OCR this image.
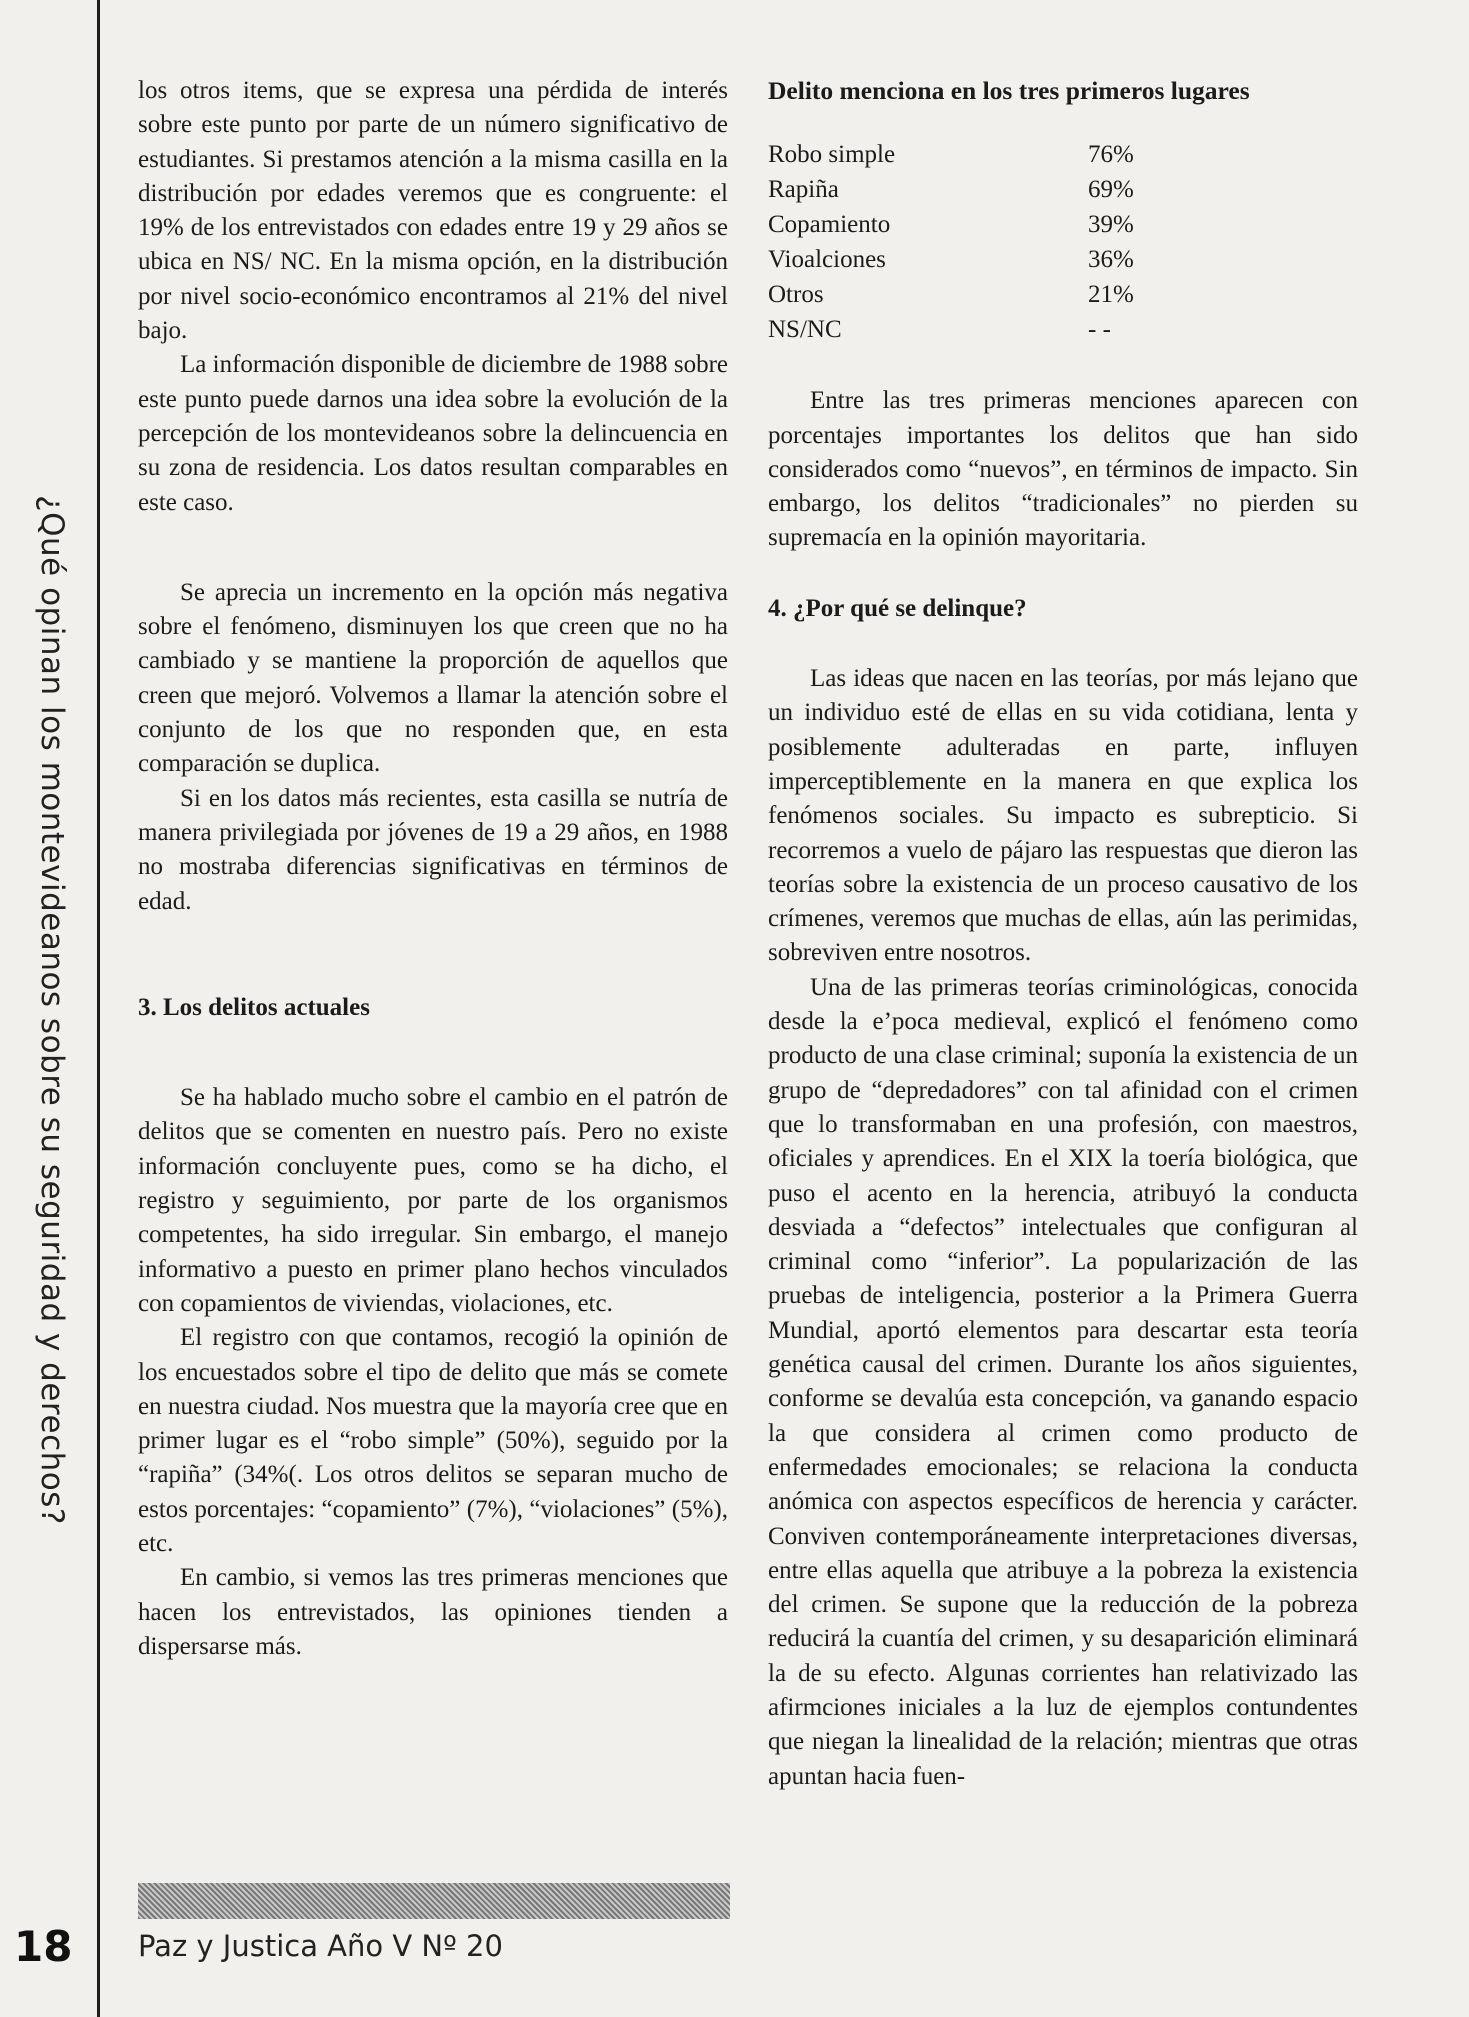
¿Qué opinan los montevideanos sobre su seguridad y derechos?
18 Paz y Justica Año V Nº 20

los otros items, que se expresa una pérdida de interés sobre este punto por parte de un número significativo de estudiantes. Si prestamos atención a la misma casilla en la distribución por edades veremos que es congruente: el 19% de los entrevistados con edades entre 19 y 29 años se ubica en NS/ NC. En la misma opción, en la distribución por nivel socio-económico encontramos al 21% del nivel bajo.

La información disponible de diciembre de 1988 sobre este punto puede darnos una idea sobre la evolución de la percepción de los montevideanos sobre la delincuencia en su zona de residencia. Los datos resultan comparables en este caso.

Se aprecia un incremento en la opción más negativa sobre el fenómeno, disminuyen los que creen que no ha cambiado y se mantiene la proporción de aquellos que creen que mejoró. Volvemos a llamar la atención sobre el conjunto de los que no responden que, en esta comparación se duplica.

Si en los datos más recientes, esta casilla se nutría de manera privilegiada por jóvenes de 19 a 29 años, en 1988 no mostraba diferencias significativas en términos de edad.

3. Los delitos actuales

Se ha hablado mucho sobre el cambio en el patrón de delitos que se comenten en nuestro país. Pero no existe información concluyente pues, como se ha dicho, el registro y seguimiento, por parte de los organismos competentes, ha sido irregular. Sin embargo, el manejo informativo a puesto en primer plano hechos vinculados con copamientos de viviendas, violaciones, etc.

El registro con que contamos, recogió la opinión de los encuestados sobre el tipo de delito que más se comete en nuestra ciudad. Nos muestra que la mayoría cree que en primer lugar es el “robo simple” (50%), seguido por la “rapiña” (34%(. Los otros delitos se separan mucho de estos porcentajes: “copamiento” (7%), “violaciones” (5%), etc.

En cambio, si vemos las tres primeras menciones que hacen los entrevistados, las opiniones tienden a dispersarse más.

Delito menciona en los tres primeros lugares

Robo simple	76%
Rapiña	69%
Copamiento	39%
Vioalciones	36%
Otros	21%
NS/NC	- -

Entre las tres primeras menciones aparecen con porcentajes importantes los delitos que han sido considerados como “nuevos”, en términos de impacto. Sin embargo, los delitos “tradicionales” no pierden su supremacía en la opinión mayoritaria.

4. ¿Por qué se delinque?

Las ideas que nacen en las teorías, por más lejano que un individuo esté de ellas en su vida cotidiana, lenta y posiblemente adulteradas en parte, influyen imperceptiblemente en la manera en que explica los fenómenos sociales. Su impacto es subrepticio. Si recorremos a vuelo de pájaro las respuestas que dieron las teorías sobre la existencia de un proceso causativo de los crímenes, veremos que muchas de ellas, aún las perimidas, sobreviven entre nosotros.

Una de las primeras teorías criminológicas, conocida desde la e’poca medieval, explicó el fenómeno como producto de una clase criminal; suponía la existencia de un grupo de “depredadores” con tal afinidad con el crimen que lo transformaban en una profesión, con maestros, oficiales y aprendices. En el XIX la toería biológica, que puso el acento en la herencia, atribuyó la conducta desviada a “defectos” intelectuales que configuran al criminal como “inferior”. La popularización de las pruebas de inteligencia, posterior a la Primera Guerra Mundial, aportó elementos para descartar esta teoría genética causal del crimen. Durante los años siguientes, conforme se devalúa esta concepción, va ganando espacio la que considera al crimen como producto de enfermedades emocionales; se relaciona la conducta anómica con aspectos específicos de herencia y carácter. Conviven contemporáneamente interpretaciones diversas, entre ellas aquella que atribuye a la pobreza la existencia del crimen. Se supone que la reducción de la pobreza reducirá la cuantía del crimen, y su desaparición eliminará la de su efecto. Algunas corrientes han relativizado las afirmciones iniciales a la luz de ejemplos contundentes que niegan la linealidad de la relación; mientras que otras apuntan hacia fuen-
